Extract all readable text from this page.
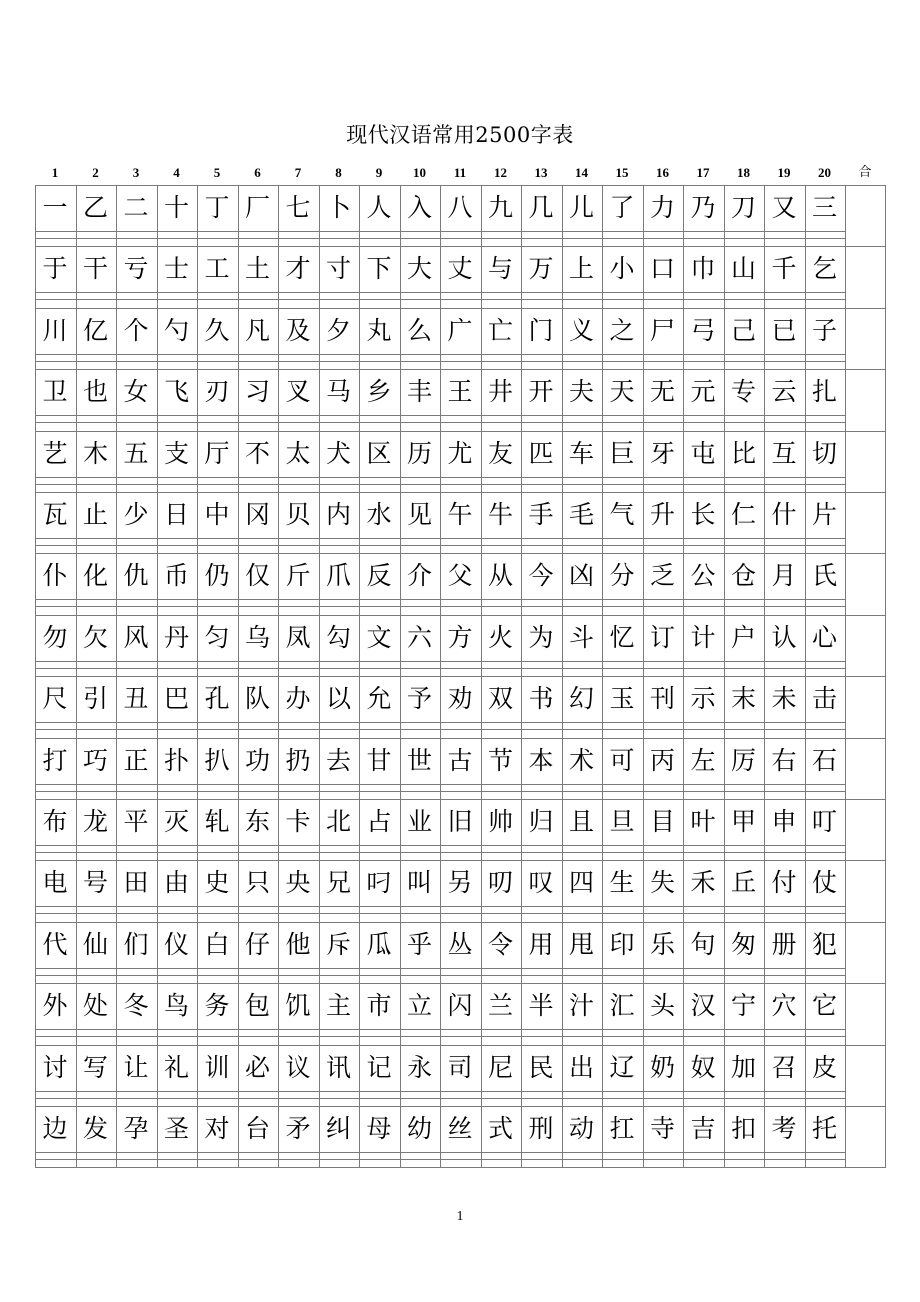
现代汉语常用2500字表
合
1	2	3	4	5	6	7	8	9	10	11	12	13	14	15	16	17	18	19	20
一 乙 二 十 丁 厂 七 卜 人 入 八 九 几 儿 了 力 乃 刀 又 三
于 干 亏 士 工 土 才 寸 下 大 丈 与 万 上 小 口 巾 山 千 乞
川 亿 个 勺 久 凡 及 夕 丸 么 广 亡 门 义 之 尸 弓 己 已 子
卫 也 女 飞 刃 习 叉 马 乡 丰 王 井 开 夫 天 无 元 专 云 扎
艺 木 五 支 厅 不 太 犬 区 历 尤 友 匹 车 巨 牙 屯 比 互 切
瓦 止 少 日 中 冈 贝 内 水 见 午 牛 手 毛 气 升 长 仁 什 片
仆 化 仇 币 仍 仅 斤 爪 反 介 父 从 今 凶 分 乏 公 仓 月 氏
勿 欠 风 丹 匀 乌 凤 勾 文 六 方 火 为 斗 忆 订 计 户 认 心
尺 引 丑 巴 孔 队 办 以 允 予 劝 双 书 幻 玉 刊 示 末 未 击
打 巧 正 扑 扒 功 扔 去 甘 世 古 节 本 术 可 丙 左 厉 右 石
布 龙 平 灭 轧 东 卡 北 占 业 旧 帅 归 且 旦 目 叶 甲 申 叮
电 号 田 由 史 只 央 兄 叼 叫 另 叨 叹 四 生 失 禾 丘 付 仗
代 仙 们 仪 白 仔 他 斥 瓜 乎 丛 令 用 甩 印 乐 句 匆 册 犯
外 处 冬 鸟 务 包 饥 主 市 立 闪 兰 半 汁 汇 头 汉 宁 穴 它
讨 写 让 礼 训 必 议 讯 记 永 司 尼 民 出 辽 奶 奴 加 召 皮
边 发 孕 圣 对 台 矛 纠 母 幼 丝 式 刑 动 扛 寺 吉 扣 考 托
1
